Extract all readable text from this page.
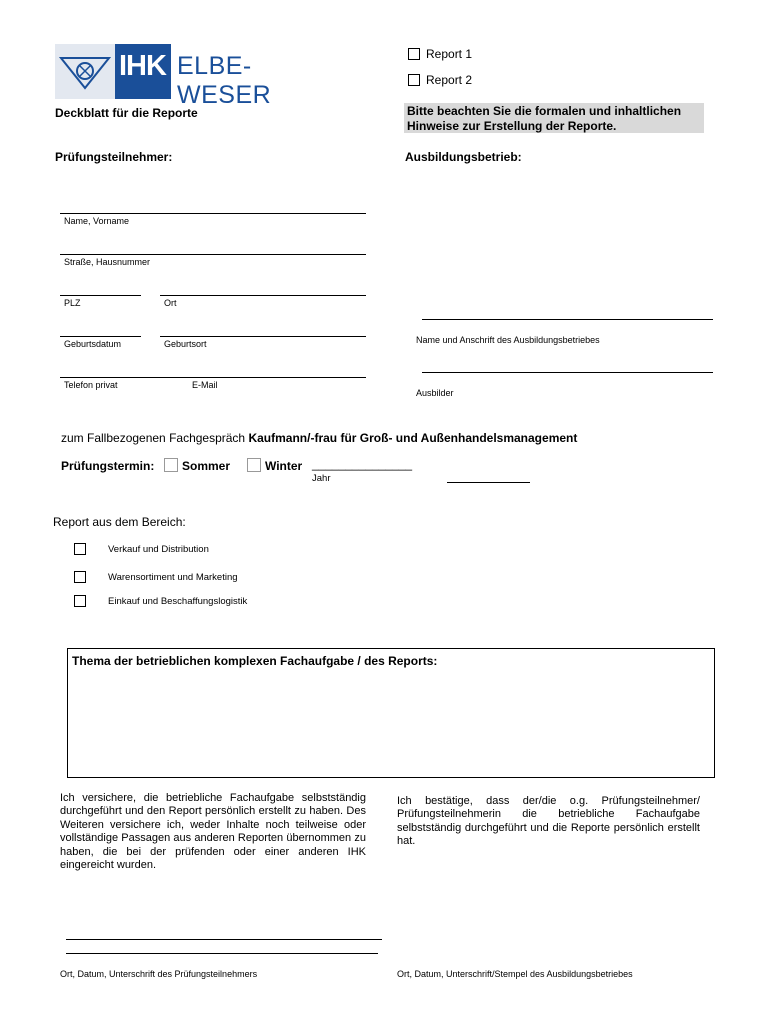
IHK ELBE-WESER
Report 1
Report 2
Deckblatt für die Reporte	Bitte beachten Sie die formalen und inhaltlichen Hinweise zur Erstellung der Reporte.
Prüfungsteilnehmer:
Name, Vorname
Straße, Hausnummer
PLZ	Ort
Geburtsdatum	Geburtsort
Telefon privat	E-Mail
Ausbildungsbetrieb:
Name und Anschrift des Ausbildungsbetriebes
Ausbilder
zum Fallbezogenen Fachgespräch Kaufmann/-frau für Groß- und Außenhandelsmanagement
Prüfungstermin: Sommer	Winter _______________
Jahr
Report aus dem Bereich:
Verkauf und Distribution
Warensortiment und Marketing
Einkauf und Beschaffungslogistik
Thema der betrieblichen komplexen Fachaufgabe / des Reports:
Ich versichere, die betriebliche Fachaufgabe selbstständig durchgeführt und den Report persönlich erstellt zu haben. Des Weiteren versichere ich, weder Inhalte noch teilweise oder vollständige Passagen aus anderen Reporten übernommen zu haben, die bei der prüfenden oder einer anderen IHK eingereicht wurden.
Ich bestätige, dass der/die o.g. Prüfungsteilnehmer/ Prüfungsteilnehmerin die betriebliche Fachaufgabe selbstständig durchgeführt und die Reporte persönlich erstellt hat.
Ort, Datum, Unterschrift des Prüfungsteilnehmers	Ort, Datum, Unterschrift/Stempel des Ausbildungsbetriebes
